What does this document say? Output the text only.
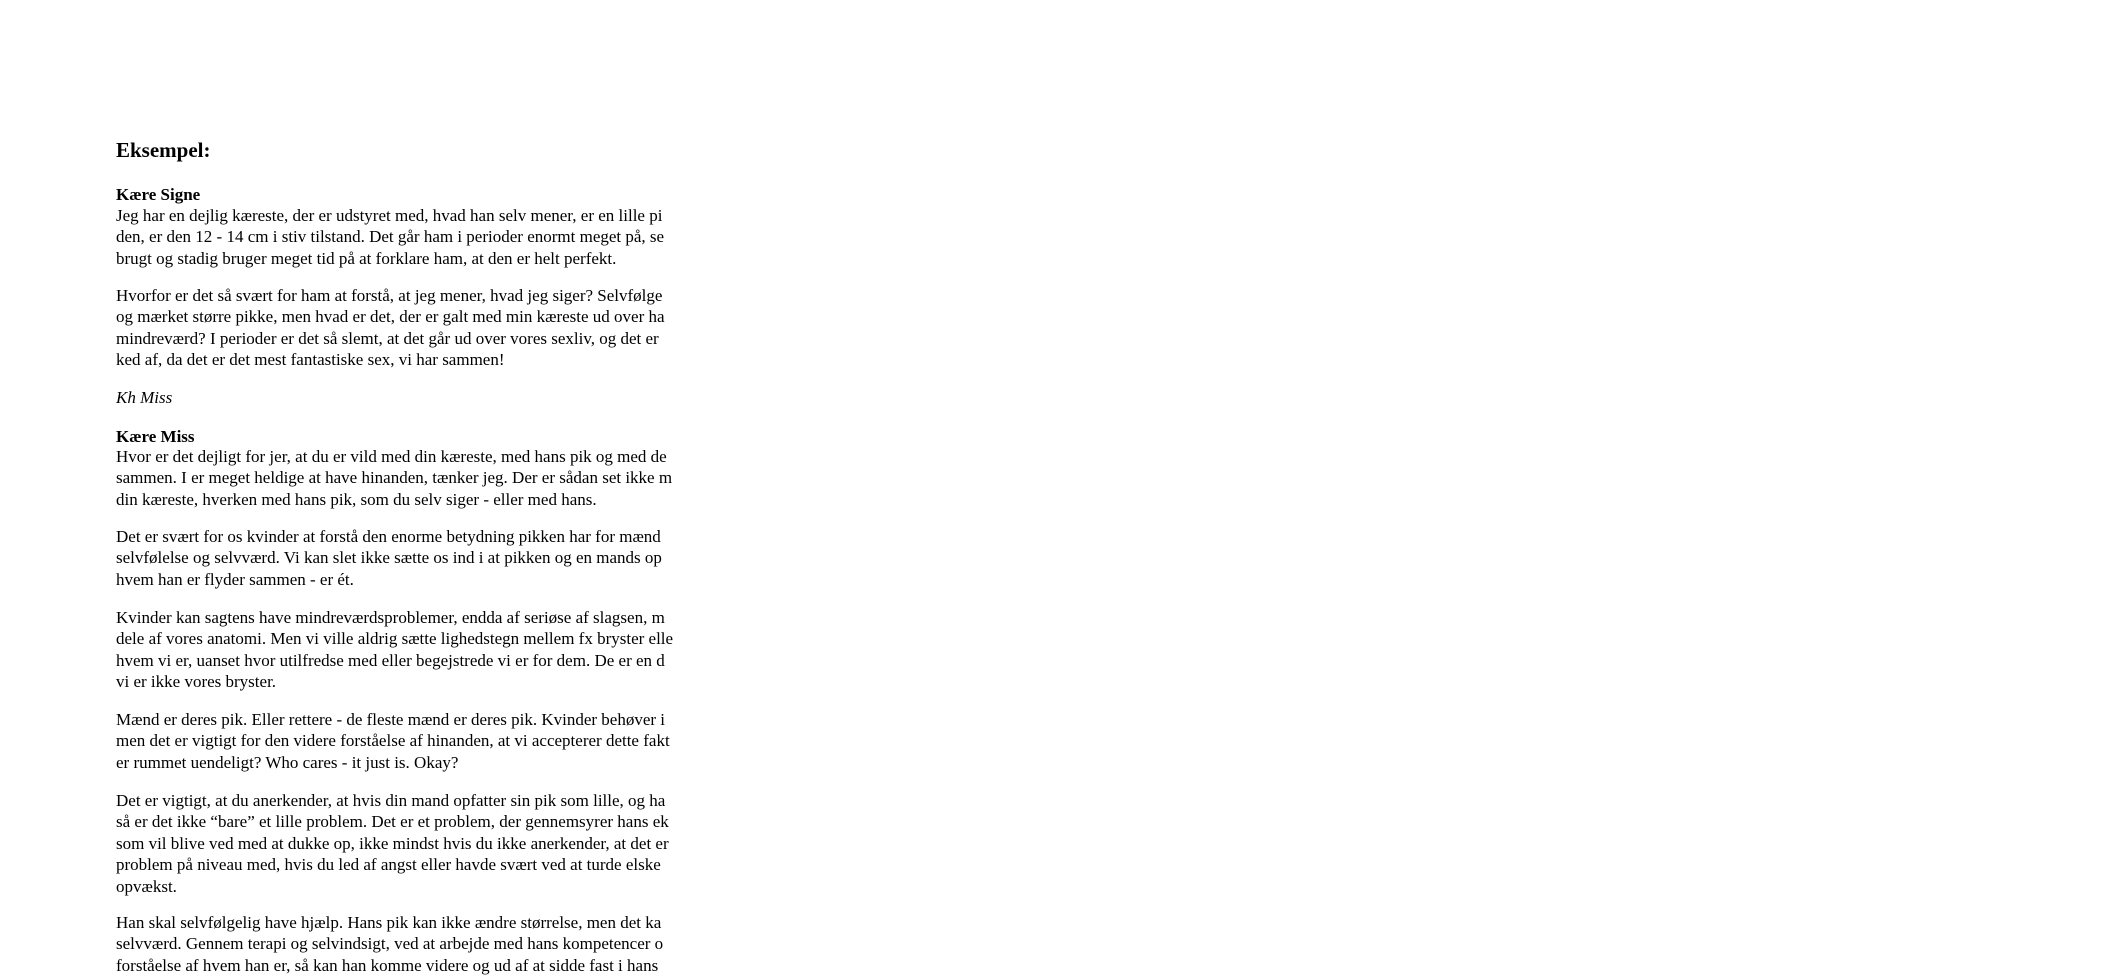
Eksempel:
Kære Signe
Jeg har en dejlig kæreste, der er udstyret med, hvad han selv mener, er en lille pi
den, er den 12 - 14 cm i stiv tilstand. Det går ham i perioder enormt meget på, se
brugt og stadig bruger meget tid på at forklare ham, at den er helt perfekt.
Hvorfor er det så svært for ham at forstå, at jeg mener, hvad jeg siger? Selvfølge
og mærket større pikke, men hvad er det, der er galt med min kæreste ud over ha
mindreværd? I perioder er det så slemt, at det går ud over vores sexliv, og det er
ked af, da det er det mest fantastiske sex, vi har sammen!
Kh Miss
Kære Miss
Hvor er det dejligt for jer, at du er vild med din kæreste, med hans pik og med de
sammen. I er meget heldige at have hinanden, tænker jeg. Der er sådan set ikke m
din kæreste, hverken med hans pik, som du selv siger - eller med hans.
Det er svært for os kvinder at forstå den enorme betydning pikken har for mænd
selvfølelse og selvværd. Vi kan slet ikke sætte os ind i at pikken og en mands op
hvem han er flyder sammen - er ét.
Kvinder kan sagtens have mindreværdsproblemer, endda af seriøse af slagsen, m
dele af vores anatomi. Men vi ville aldrig sætte lighedstegn mellem fx bryster elle
hvem vi er, uanset hvor utilfredse med eller begejstrede vi er for dem. De er en d
vi er ikke vores bryster.
Mænd er deres pik. Eller rettere - de fleste mænd er deres pik. Kvinder behøver i
men det er vigtigt for den videre forståelse af hinanden, at vi accepterer dette fakt
er rummet uendeligt? Who cares - it just is. Okay?
Det er vigtigt, at du anerkender, at hvis din mand opfatter sin pik som lille, og ha
så er det ikke “bare” et lille problem. Det er et problem, der gennemsyrer hans ek
som vil blive ved med at dukke op, ikke mindst hvis du ikke anerkender, at det er
problem på niveau med, hvis du led af angst eller havde svært ved at turde elske
opvækst.
Han skal selvfølgelig have hjælp. Hans pik kan ikke ændre størrelse, men det ka
selvværd. Gennem terapi og selvindsigt, ved at arbejde med hans kompetencer o
forståelse af hvem han er, så kan han komme videre og ud af at sidde fast i hans
